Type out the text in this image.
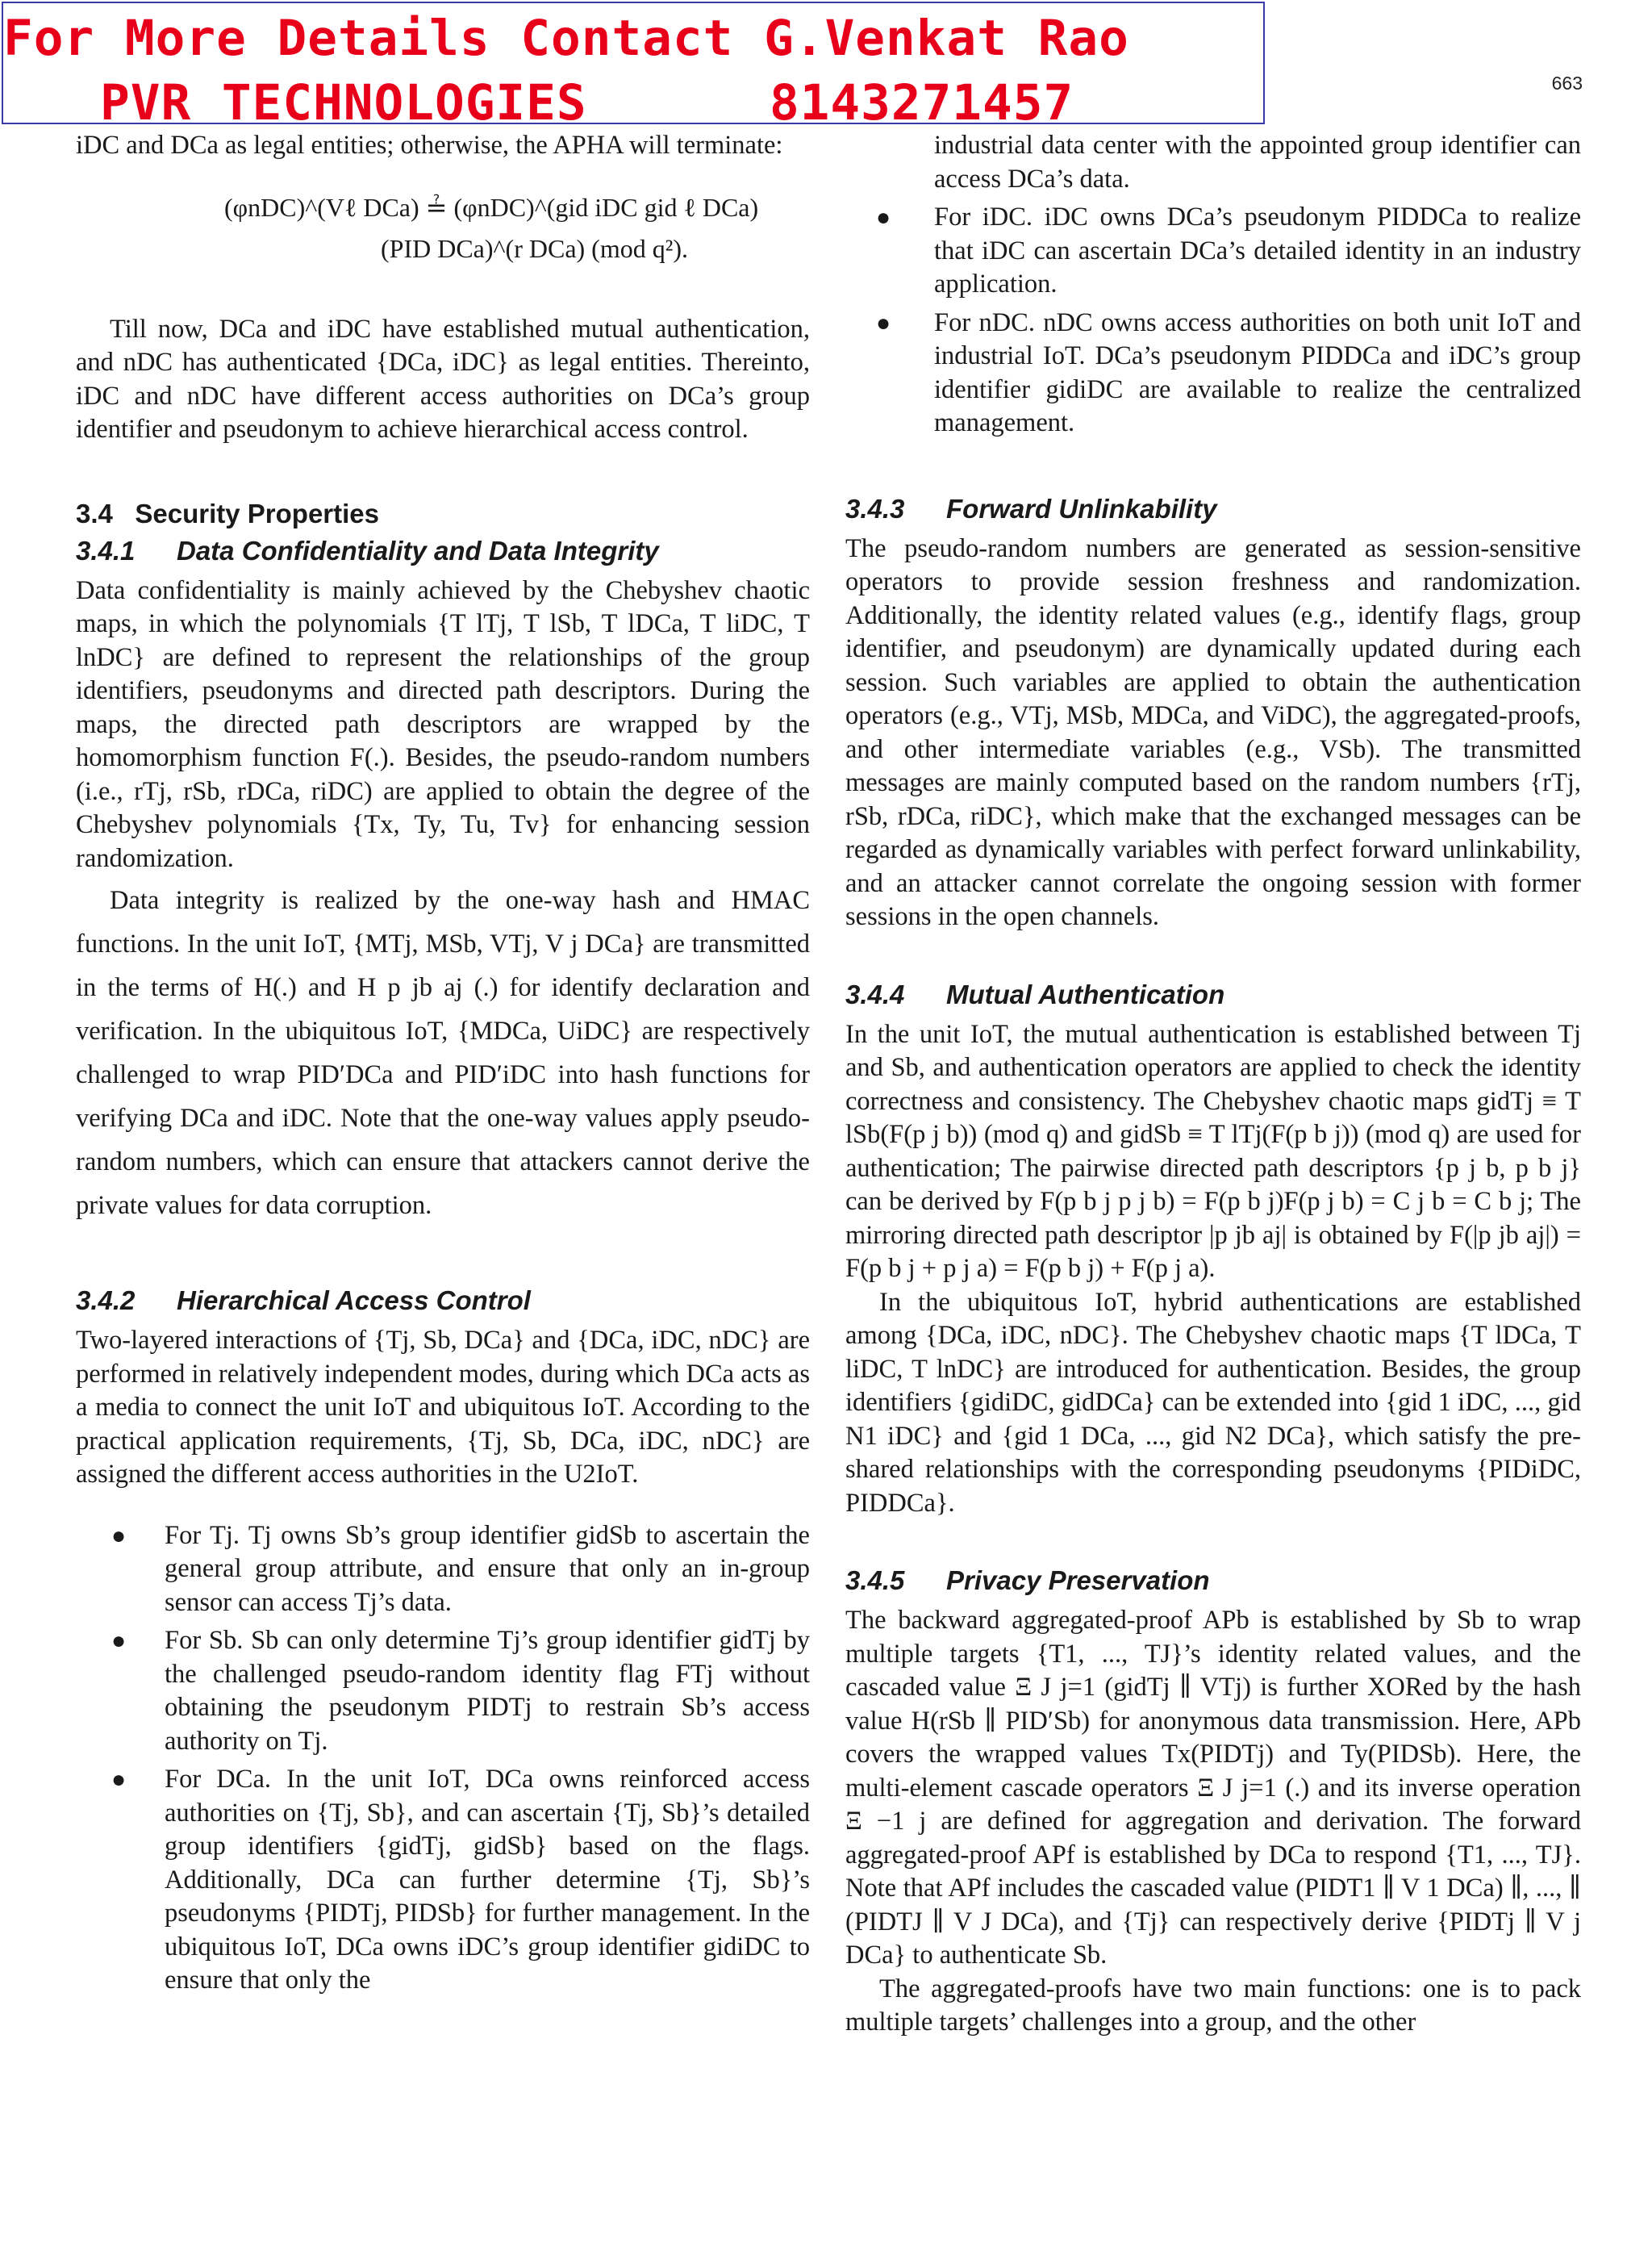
For More Details Contact G.Venkat Rao
PVR TECHNOLOGIES      8143271457	663

iDC and DCa as legal entities; otherwise, the APHA will terminate:

(φnDC)^(Vℓ DCa) ≟ (φnDC)^(gid iDC gid ℓ DCa)
(PID DCa)^(r DCa) (mod q²).

Till now, DCa and iDC have established mutual authentication, and nDC has authenticated {DCa, iDC} as legal entities. Thereinto, iDC and nDC have different access authorities on DCa’s group identifier and pseudonym to achieve hierarchical access control.

3.4 Security Properties
3.4.1 Data Confidentiality and Data Integrity

Data confidentiality is mainly achieved by the Chebyshev chaotic maps, in which the polynomials {T lTj, T lSb, T lDCa, T liDC, T lnDC} are defined to represent the relationships of the group identifiers, pseudonyms and directed path descriptors. During the maps, the directed path descriptors are wrapped by the homomorphism function F(.). Besides, the pseudo-random numbers (i.e., rTj, rSb, rDCa, riDC) are applied to obtain the degree of the Chebyshev polynomials {Tx, Ty, Tu, Tv} for enhancing session randomization.

Data integrity is realized by the one-way hash and HMAC functions. In the unit IoT, {MTj, MSb, VTj, V j DCa} are transmitted in the terms of H(.) and H p jb aj (.) for identify declaration and verification. In the ubiquitous IoT, {MDCa, UiDC} are respectively challenged to wrap PID′DCa and PID′iDC into hash functions for verifying DCa and iDC. Note that the one-way values apply pseudo-random numbers, which can ensure that attackers cannot derive the private values for data corruption.

3.4.2 Hierarchical Access Control

Two-layered interactions of {Tj, Sb, DCa} and {DCa, iDC, nDC} are performed in relatively independent modes, during which DCa acts as a media to connect the unit IoT and ubiquitous IoT. According to the practical application requirements, {Tj, Sb, DCa, iDC, nDC} are assigned the different access authorities in the U2IoT.

● For Tj. Tj owns Sb’s group identifier gidSb to ascertain the general group attribute, and ensure that only an in-group sensor can access Tj’s data.
● For Sb. Sb can only determine Tj’s group identifier gidTj by the challenged pseudo-random identity flag FTj without obtaining the pseudonym PIDTj to restrain Sb’s access authority on Tj.
● For DCa. In the unit IoT, DCa owns reinforced access authorities on {Tj, Sb}, and can ascertain {Tj, Sb}’s detailed group identifiers {gidTj, gidSb} based on the flags. Additionally, DCa can further determine {Tj, Sb}’s pseudonyms {PIDTj, PIDSb} for further management. In the ubiquitous IoT, DCa owns iDC’s group identifier gidiDC to ensure that only the
industrial data center with the appointed group identifier can access DCa’s data.
● For iDC. iDC owns DCa’s pseudonym PIDDCa to realize that iDC can ascertain DCa’s detailed identity in an industry application.
● For nDC. nDC owns access authorities on both unit IoT and industrial IoT. DCa’s pseudonym PIDDCa and iDC’s group identifier gidiDC are available to realize the centralized management.
3.4.3 Forward Unlinkability

The pseudo-random numbers are generated as session-sensitive operators to provide session freshness and randomization. Additionally, the identity related values (e.g., identify flags, group identifier, and pseudonym) are dynamically updated during each session. Such variables are applied to obtain the authentication operators (e.g., VTj, MSb, MDCa, and ViDC), the aggregated-proofs, and other intermediate variables (e.g., VSb). The transmitted messages are mainly computed based on the random numbers {rTj, rSb, rDCa, riDC}, which make that the exchanged messages can be regarded as dynamically variables with perfect forward unlinkability, and an attacker cannot correlate the ongoing session with former sessions in the open channels.

3.4.4 Mutual Authentication

In the unit IoT, the mutual authentication is established between Tj and Sb, and authentication operators are applied to check the identity correctness and consistency. The Chebyshev chaotic maps gidTj ≡ T lSb(F(p j b)) (mod q) and gidSb ≡ T lTj(F(p b j)) (mod q) are used for authentication; The pairwise directed path descriptors {p j b, p b j} can be derived by F(p b j p j b) = F(p b j)F(p j b) = C j b = C b j; The mirroring directed path descriptor |p jb aj| is obtained by F(|p jb aj|) = F(p b j + p j a) = F(p b j) + F(p j a).

In the ubiquitous IoT, hybrid authentications are established among {DCa, iDC, nDC}. The Chebyshev chaotic maps {T lDCa, T liDC, T lnDC} are introduced for authentication. Besides, the group identifiers {gidiDC, gidDCa} can be extended into {gid 1 iDC, ..., gid N1 iDC} and {gid 1 DCa, ..., gid N2 DCa}, which satisfy the pre-shared relationships with the corresponding pseudonyms {PIDiDC, PIDDCa}.

3.4.5 Privacy Preservation

The backward aggregated-proof APb is established by Sb to wrap multiple targets {T1, ..., TJ}’s identity related values, and the cascaded value Ξ J j=1 (gidTj ∥ VTj) is further XORed by the hash value H(rSb ∥ PID′Sb) for anonymous data transmission. Here, APb covers the wrapped values Tx(PIDTj) and Ty(PIDSb). Here, the multi-element cascade operators Ξ J j=1 (.) and its inverse operation Ξ −1 j are defined for aggregation and derivation. The forward aggregated-proof APf is established by DCa to respond {T1, ..., TJ}. Note that APf includes the cascaded value (PIDT1 ∥ V 1 DCa) ∥, ..., ∥ (PIDTJ ∥ V J DCa), and {Tj} can respectively derive {PIDTj ∥ V j DCa} to authenticate Sb.

The aggregated-proofs have two main functions: one is to pack multiple targets’ challenges into a group, and the other
